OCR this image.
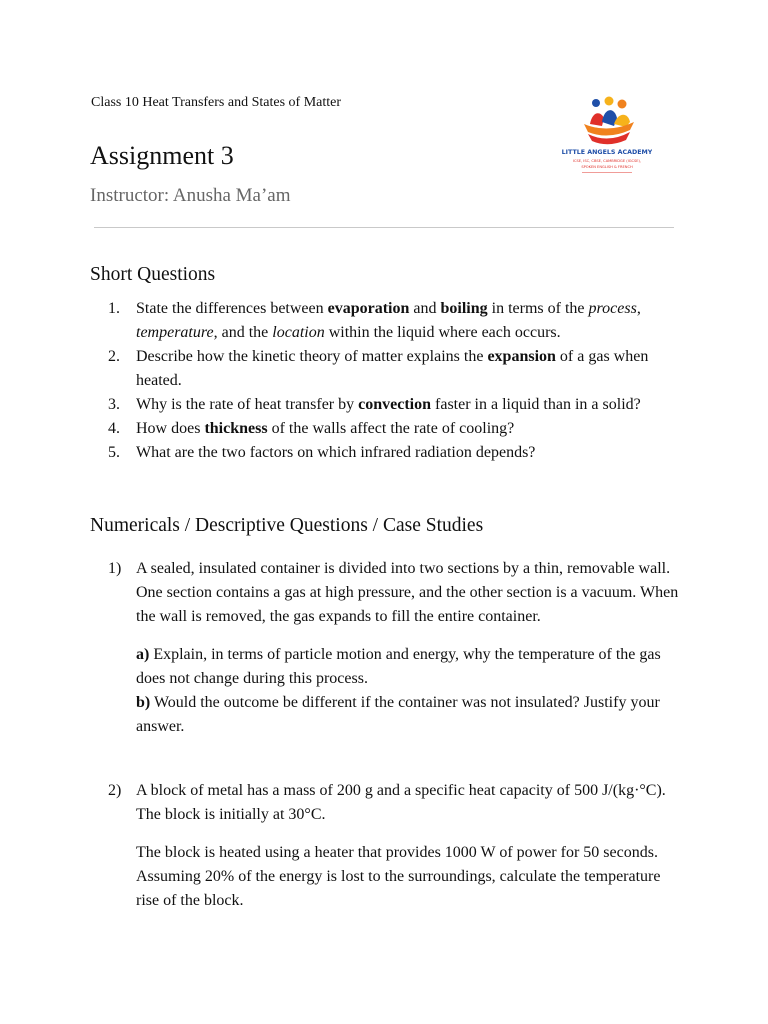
Class 10 Heat Transfers and States of Matter
Assignment 3
Instructor: Anusha Ma’am
LITTLE ANGELS ACADEMY
ICSE, ISC, CBSE, CAMBRIDGE (IGCSE),
SPOKEN ENGLISH & FRENCH
Short Questions
1.	State the differences between evaporation and boiling in terms of the process, temperature, and the location within the liquid where each occurs.
2.	Describe how the kinetic theory of matter explains the expansion of a gas when heated.
3.	Why is the rate of heat transfer by convection faster in a liquid than in a solid?
4.	How does thickness of the walls affect the rate of cooling?
5.	What are the two factors on which infrared radiation depends?
Numericals / Descriptive Questions / Case Studies
1) A sealed, insulated container is divided into two sections by a thin, removable wall. One section contains a gas at high pressure, and the other section is a vacuum. When the wall is removed, the gas expands to fill the entire container.
a) Explain, in terms of particle motion and energy, why the temperature of the gas does not change during this process.
b) Would the outcome be different if the container was not insulated? Justify your answer.
2) A block of metal has a mass of 200 g and a specific heat capacity of 500 J/(kg·°C). The block is initially at 30°C.
The block is heated using a heater that provides 1000 W of power for 50 seconds. Assuming 20% of the energy is lost to the surroundings, calculate the temperature rise of the block.
